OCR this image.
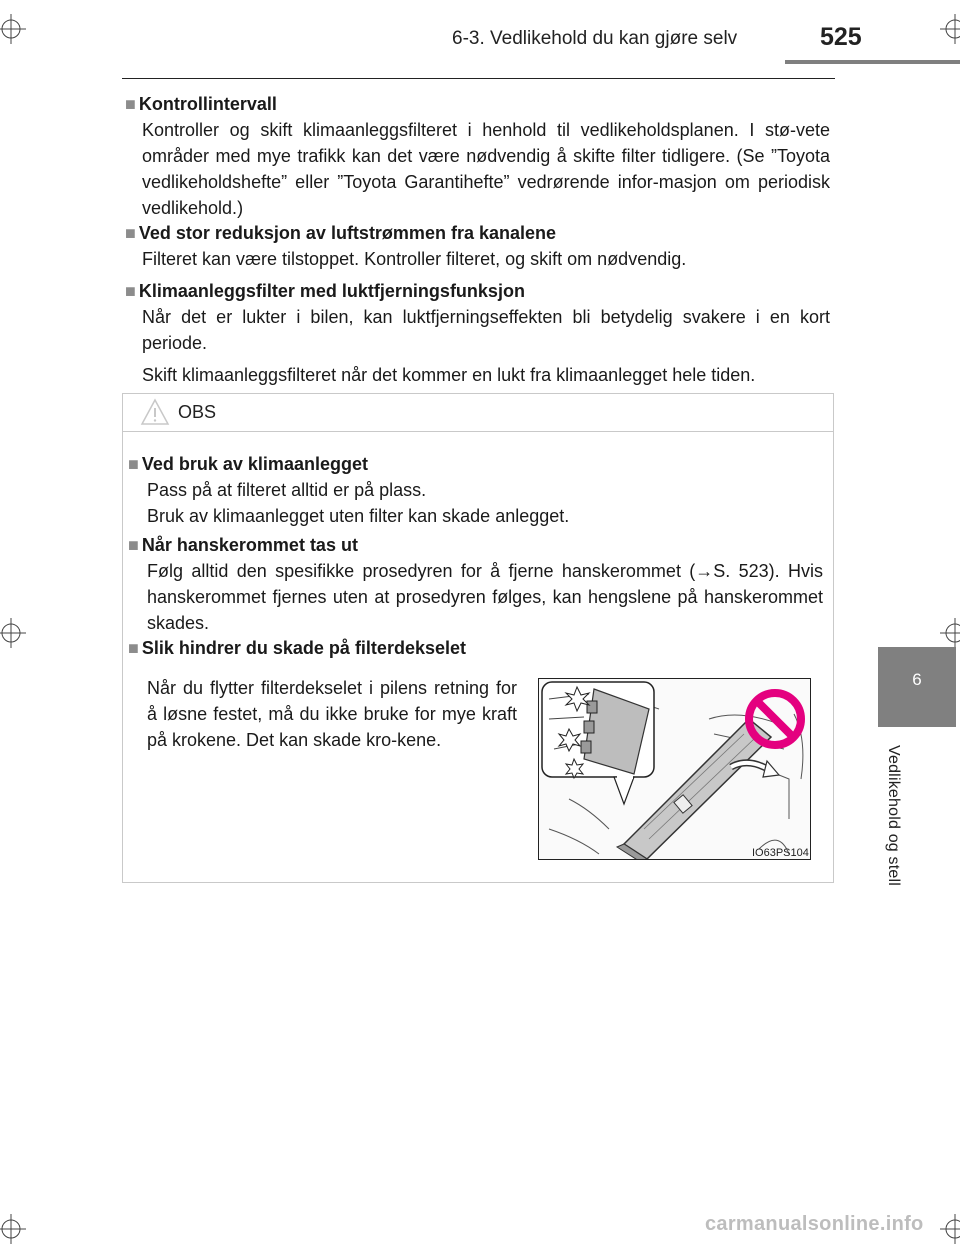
6-3. Vedlikehold du kan gjøre selv	525
6
Vedlikehold og stell
■ Kontrollintervall

Kontroller og skift klimaanleggsfilteret i henhold til vedlikeholdsplanen. I stø-vete områder med mye trafikk kan det være nødvendig å skifte filter tidligere. (Se ”Toyota vedlikeholdshefte” eller ”Toyota Garantihefte” vedrørende infor-masjon om periodisk vedlikehold.)

■ Ved stor reduksjon av luftstrømmen fra kanalene

Filteret kan være tilstoppet. Kontroller filteret, og skift om nødvendig.

■ Klimaanleggsfilter med luktfjerningsfunksjon

Når det er lukter i bilen, kan luktfjerningseffekten bli betydelig svakere i en kort periode.

Skift klimaanleggsfilteret når det kommer en lukt fra klimaanlegget hele tiden.

OBS
■ Ved bruk av klimaanlegget

Pass på at filteret alltid er på plass.

Bruk av klimaanlegget uten filter kan skade anlegget.

■ Når hanskerommet tas ut

Følg alltid den spesifikke prosedyren for å fjerne hanskerommet (→S. 523). Hvis hanskerommet fjernes uten at prosedyren følges, kan hengslene på hanskerommet skades.

■ Slik hindrer du skade på filterdekselet

Når du flytter filterdekselet i pilens retning for å løsne festet, må du ikke bruke for mye kraft på krokene. Det kan skade kro-kene.

IO63PS104
carmanualsonline.info
